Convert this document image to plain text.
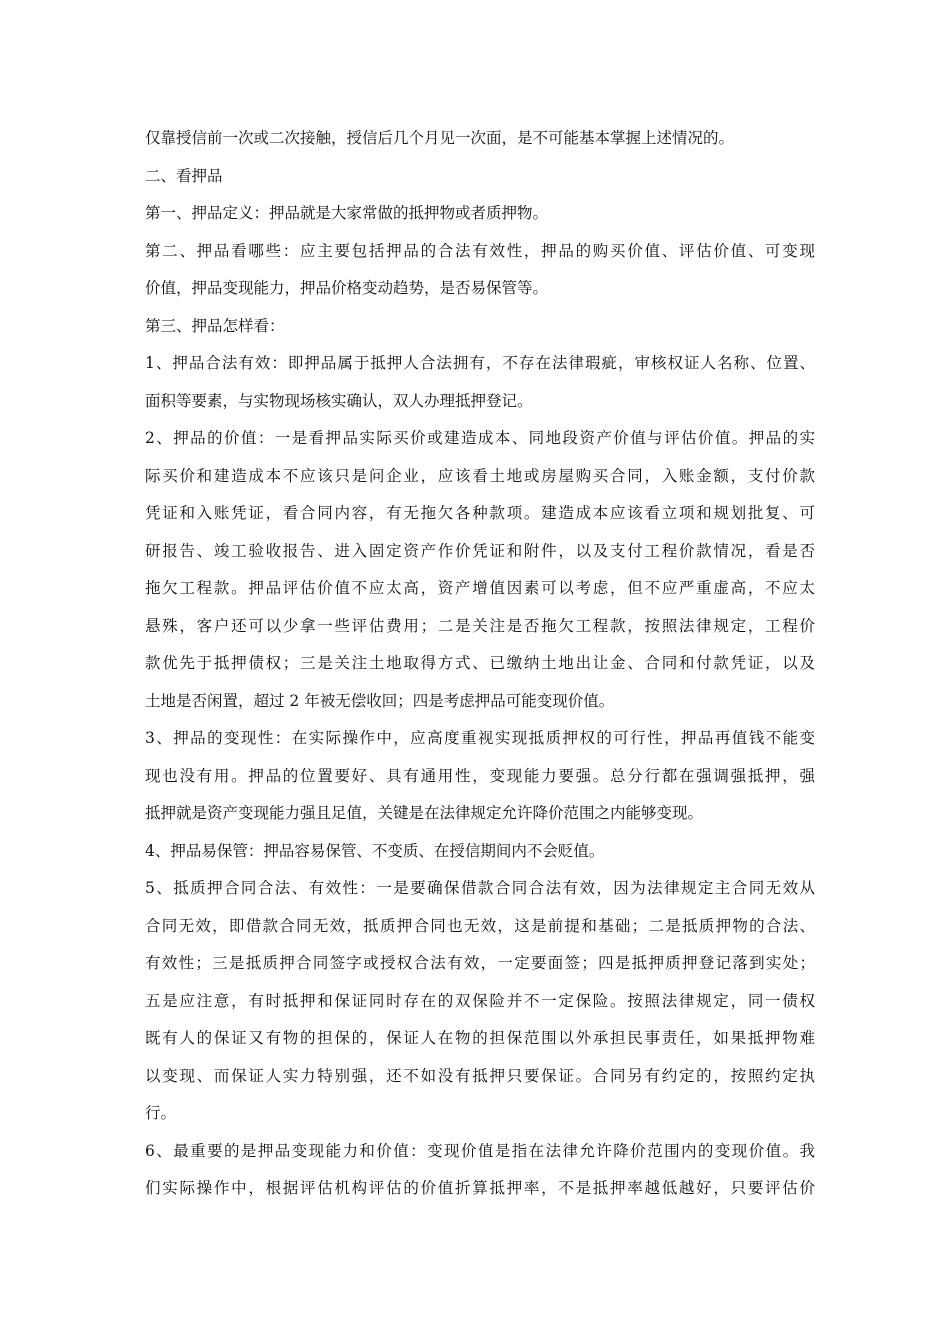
仅靠授信前一次或二次接触，授信后几个月见一次面，是不可能基本掌握上述情况的。
二、看押品
第一、押品定义：押品就是大家常做的抵押物或者质押物。
第二、押品看哪些：应主要包括押品的合法有效性，押品的购买价值、评估价值、可变现
价值，押品变现能力，押品价格变动趋势，是否易保管等。
第三、押品怎样看：
1、押品合法有效：即押品属于抵押人合法拥有，不存在法律瑕疵，审核权证人名称、位置、
面积等要素，与实物现场核实确认，双人办理抵押登记。
2、押品的价值：一是看押品实际买价或建造成本、同地段资产价值与评估价值。押品的实
际买价和建造成本不应该只是问企业，应该看土地或房屋购买合同，入账金额，支付价款
凭证和入账凭证，看合同内容，有无拖欠各种款项。建造成本应该看立项和规划批复、可
研报告、竣工验收报告、进入固定资产作价凭证和附件，以及支付工程价款情况，看是否
拖欠工程款。押品评估价值不应太高，资产增值因素可以考虑，但不应严重虚高，不应太
悬殊，客户还可以少拿一些评估费用；二是关注是否拖欠工程款，按照法律规定，工程价
款优先于抵押债权；三是关注土地取得方式、已缴纳土地出让金、合同和付款凭证，以及
土地是否闲置，超过 2 年被无偿收回；四是考虑押品可能变现价值。
3、押品的变现性：在实际操作中，应高度重视实现抵质押权的可行性，押品再值钱不能变
现也没有用。押品的位置要好、具有通用性，变现能力要强。总分行都在强调强抵押，强
抵押就是资产变现能力强且足值，关键是在法律规定允许降价范围之内能够变现。
4、押品易保管：押品容易保管、不变质、在授信期间内不会贬值。
5、抵质押合同合法、有效性：一是要确保借款合同合法有效，因为法律规定主合同无效从
合同无效，即借款合同无效，抵质押合同也无效，这是前提和基础；二是抵质押物的合法、
有效性；三是抵质押合同签字或授权合法有效，一定要面签；四是抵押质押登记落到实处；
五是应注意，有时抵押和保证同时存在的双保险并不一定保险。按照法律规定，同一债权
既有人的保证又有物的担保的，保证人在物的担保范围以外承担民事责任，如果抵押物难
以变现、而保证人实力特别强，还不如没有抵押只要保证。合同另有约定的，按照约定执
行。
6、最重要的是押品变现能力和价值：变现价值是指在法律允许降价范围内的变现价值。我
们实际操作中，根据评估机构评估的价值折算抵押率，不是抵押率越低越好，只要评估价
